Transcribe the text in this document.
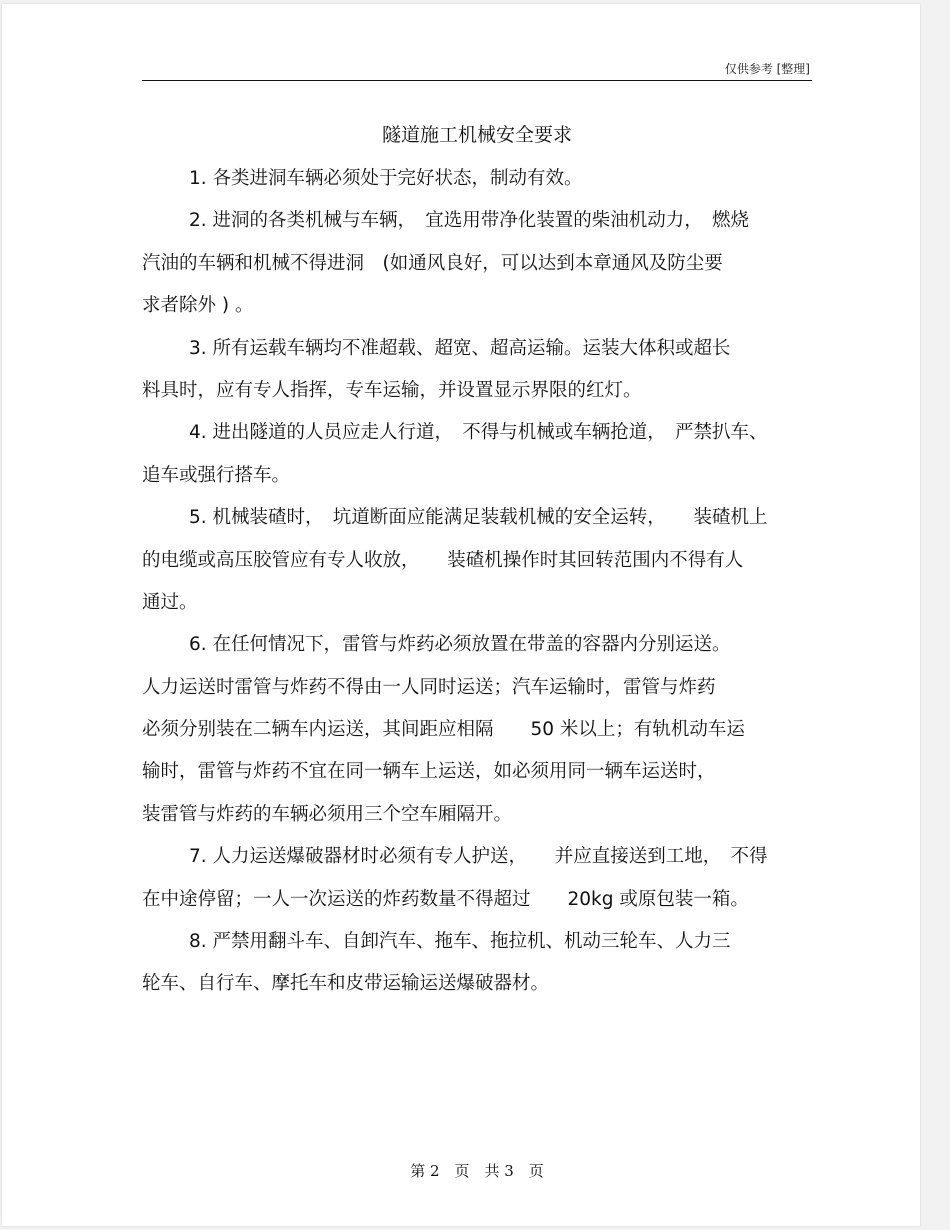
仅供参考 [整理]
隧道施工机械安全要求
1. 各类进洞车辆必须处于完好状态，制动有效。
2. 进洞的各类机械与车辆，　宜选用带净化装置的柴油机动力，　燃烧
汽油的车辆和机械不得进洞　(如通风良好，可以达到本章通风及防尘要
求者除外 ) 。
3. 所有运载车辆均不准超载、超宽、超高运输。运装大体积或超长
料具时，应有专人指挥，专车运输，并设置显示界限的红灯。
4. 进出隧道的人员应走人行道，　不得与机械或车辆抢道，　严禁扒车、
追车或强行搭车。
5. 机械装碴时，　坑道断面应能满足装载机械的安全运转，　　装碴机上
的电缆或高压胶管应有专人收放，　　装碴机操作时其回转范围内不得有人
通过。
6. 在任何情况下，雷管与炸药必须放置在带盖的容器内分别运送。
人力运送时雷管与炸药不得由一人同时运送；汽车运输时，雷管与炸药
必须分别装在二辆车内运送，其间距应相隔　　50 米以上；有轨机动车运
输时，雷管与炸药不宜在同一辆车上运送，如必须用同一辆车运送时，
装雷管与炸药的车辆必须用三个空车厢隔开。
7. 人力运送爆破器材时必须有专人护送，　　并应直接送到工地，　不得
在中途停留；一人一次运送的炸药数量不得超过　　20kg 或原包装一箱。
8. 严禁用翻斗车、自卸汽车、拖车、拖拉机、机动三轮车、人力三
轮车、自行车、摩托车和皮带运输运送爆破器材。
第 2　页　共 3　页
